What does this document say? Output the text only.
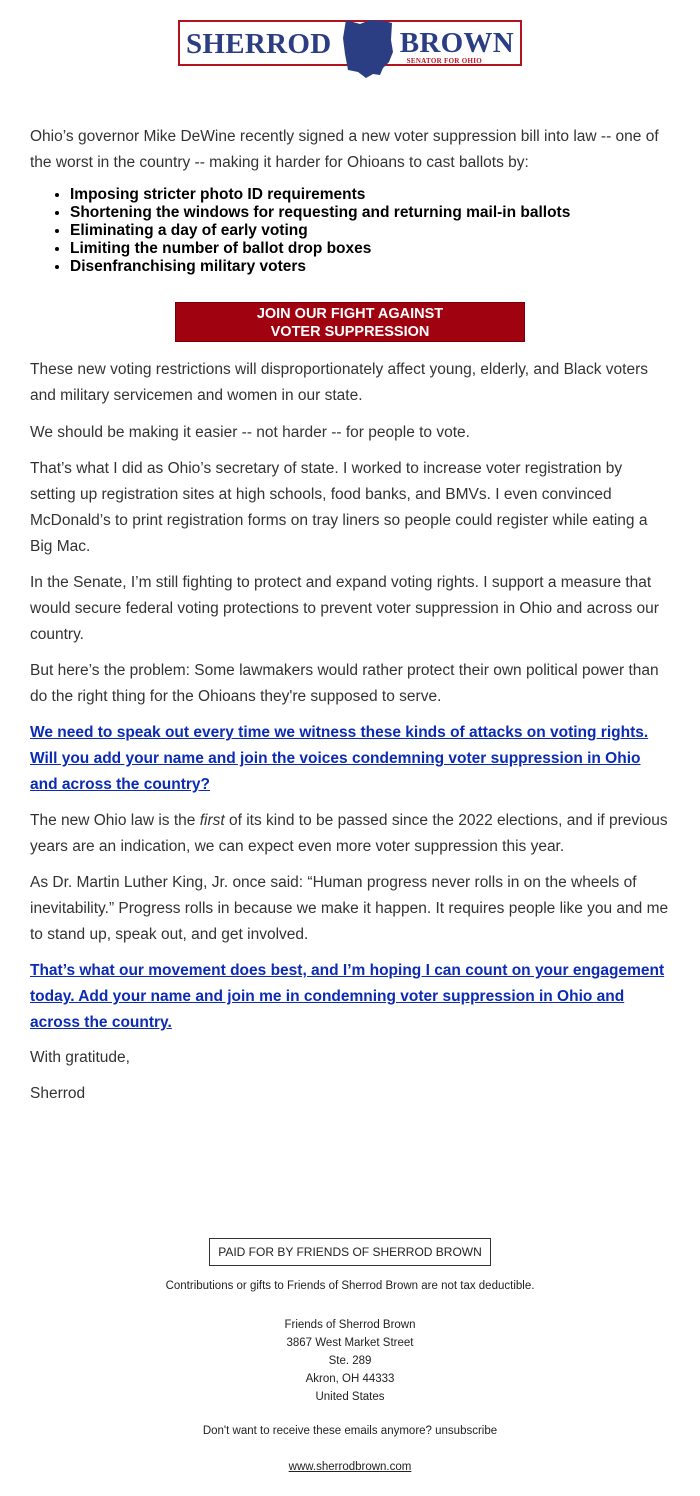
SHERROD BROWN
SENATOR FOR OHIO

Ohio’s governor Mike DeWine recently signed a new voter suppression bill into law -- one of the worst in the country -- making it harder for Ohioans to cast ballots by:

• Imposing stricter photo ID requirements
• Shortening the windows for requesting and returning mail-in ballots
• Eliminating a day of early voting
• Limiting the number of ballot drop boxes
• Disenfranchising military voters
JOIN OUR FIGHT AGAINST
VOTER SUPPRESSION

These new voting restrictions will disproportionately affect young, elderly, and Black voters and military servicemen and women in our state.

We should be making it easier -- not harder -- for people to vote.

That’s what I did as Ohio’s secretary of state. I worked to increase voter registration by setting up registration sites at high schools, food banks, and BMVs. I even convinced McDonald’s to print registration forms on tray liners so people could register while eating a Big Mac.

In the Senate, I’m still fighting to protect and expand voting rights. I support a measure that would secure federal voting protections to prevent voter suppression in Ohio and across our country.

But here’s the problem: Some lawmakers would rather protect their own political power than do the right thing for the Ohioans they're supposed to serve.

We need to speak out every time we witness these kinds of attacks on voting rights. Will you add your name and join the voices condemning voter suppression in Ohio and across the country?

The new Ohio law is the first of its kind to be passed since the 2022 elections, and if previous years are an indication, we can expect even more voter suppression this year.

As Dr. Martin Luther King, Jr. once said: “Human progress never rolls in on the wheels of inevitability.” Progress rolls in because we make it happen. It requires people like you and me to stand up, speak out, and get involved.

That’s what our movement does best, and I’m hoping I can count on your engagement today. Add your name and join me in condemning voter suppression in Ohio and across the country.

With gratitude,

Sherrod

PAID FOR BY FRIENDS OF SHERROD BROWN
Contributions or gifts to Friends of Sherrod Brown are not tax deductible.
Friends of Sherrod Brown
3867 West Market Street
Ste. 289
Akron, OH 44333
United States
Don't want to receive these emails anymore? unsubscribe
www.sherrodbrown.com
